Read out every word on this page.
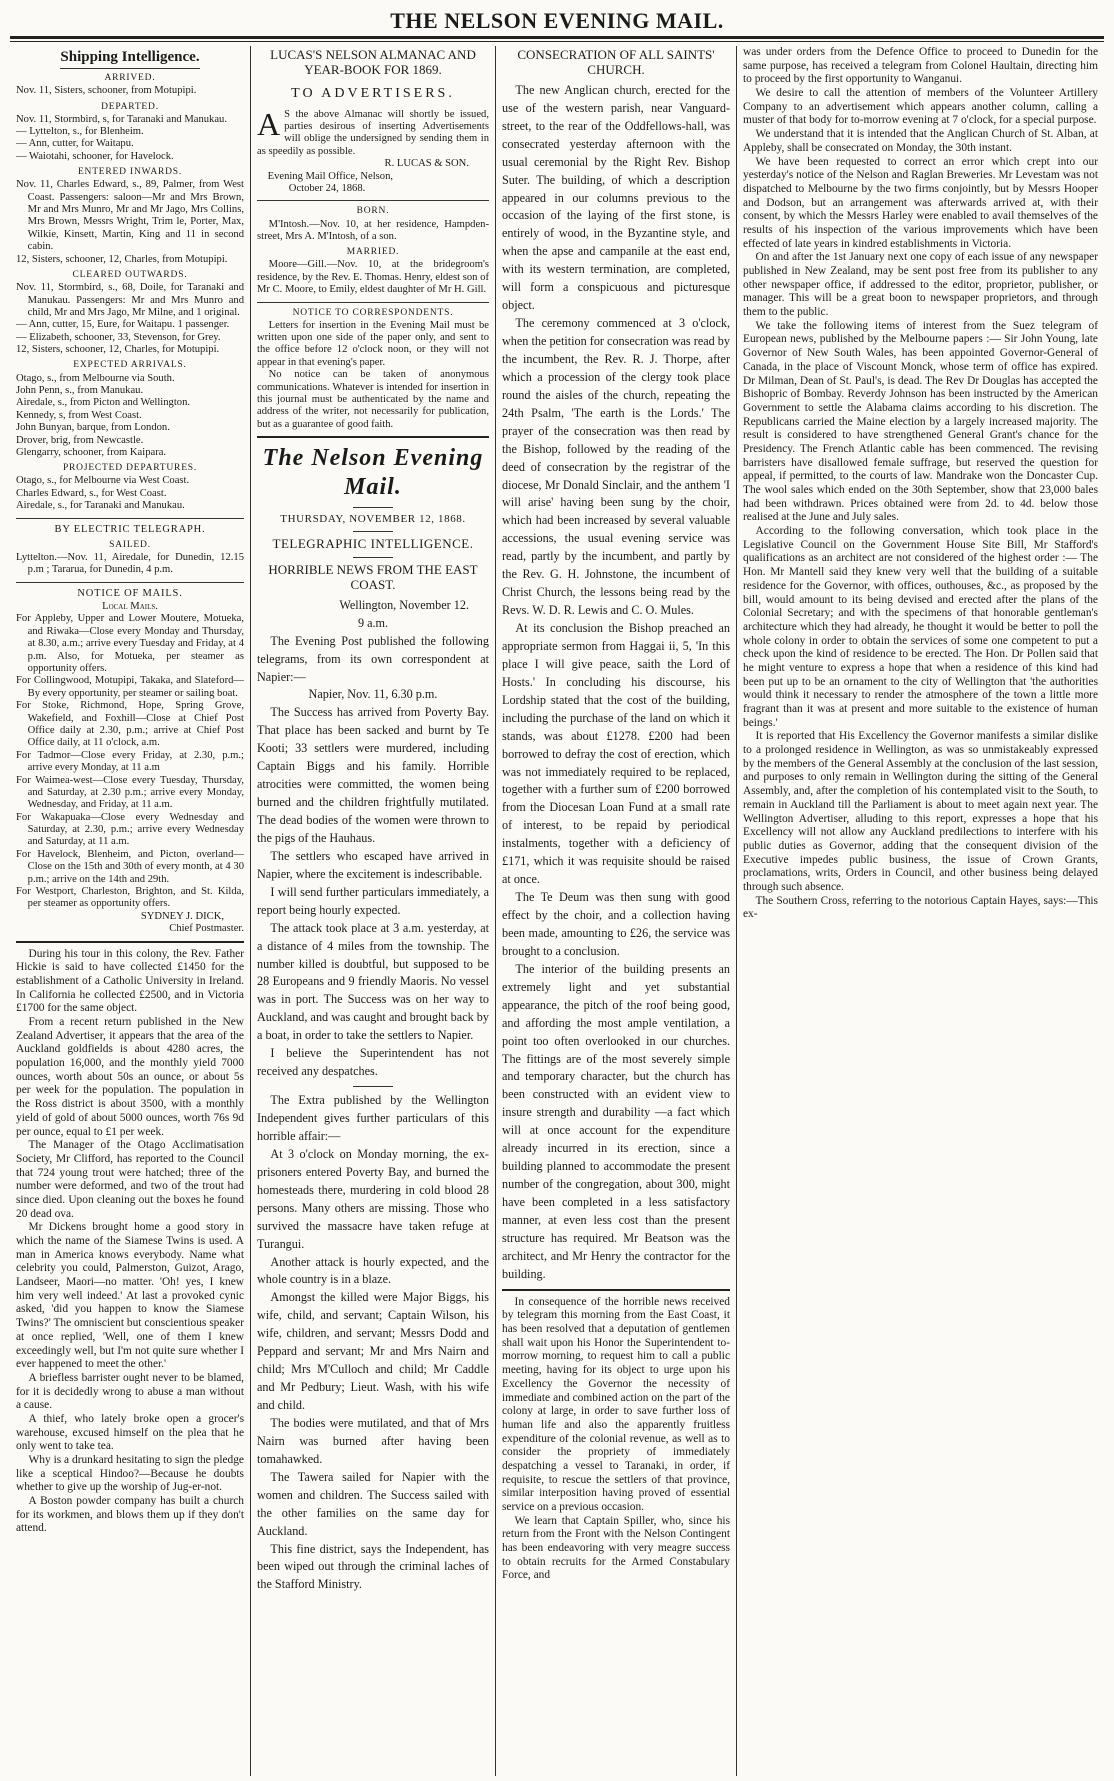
THE NELSON EVENING MAIL.
Shipping Intelligence.
ARRIVED.
Nov. 11, Sisters, schooner, from Motupipi.
DEPARTED.
Nov. 11, Stormbird, s, for Taranaki and Manukau.
— Lyttelton, s., for Blenheim.
— Ann, cutter, for Waitapu.
— Waiotahi, schooner, for Havelock.
ENTERED INWARDS.
Nov. 11, Charles Edward, s., 89, Palmer, from West Coast. Passengers: saloon—Mr and Mrs Brown, Mr and Mrs Munro, Mr and Mr Jago, Mrs Collins, Mrs Brown, Messrs Wright, Trim le, Porter, Max, Wilkie, Kinsett, Martin, King and 11 in second cabin.
12, Sisters, schooner, 12, Charles, from Motupipi.
CLEARED OUTWARDS.
Nov. 11, Stormbird, s., 68, Doile, for Taranaki and Manukau. Passengers: Mr and Mrs Munro and child, Mr and Mrs Jago, Mr Milne, and 1 original.
— Ann, cutter, 15, Eure, for Waitapu. 1 passenger.
— Elizabeth, schooner, 33, Stevenson, for Grey.
12, Sisters, schooner, 12, Charles, for Motupipi.
EXPECTED ARRIVALS.
Otago, s., from Melbourne via South.
John Penn, s., from Manukau.
Airedale, s., from Picton and Wellington.
Kennedy, s, from West Coast.
John Bunyan, barque, from London.
Drover, brig, from Newcastle.
Glengarry, schooner, from Kaipara.
PROJECTED DEPARTURES.
Otago, s., for Melbourne via West Coast.
Charles Edward, s., for West Coast.
Airedale, s., for Taranaki and Manukau.
BY ELECTRIC TELEGRAPH.
SAILED.
Lyttelton.—Nov. 11, Airedale, for Dunedin, 12.15 p.m ; Tararua, for Dunedin, 4 p.m.
NOTICE OF MAILS.
Local Mails.
For Appleby, Upper and Lower Moutere, Motueka, and Riwaka—Close every Monday and Thursday, at 8.30, a.m.; arrive every Tuesday and Friday, at 4 p.m. Also, for Motueka, per steamer as opportunity offers.
For Collingwood, Motupipi, Takaka, and Slateford—By every opportunity, per steamer or sailing boat.
For Stoke, Richmond, Hope, Spring Grove, Wakefield, and Foxhill—Close at Chief Post Office daily at 2.30, p.m.; arrive at Chief Post Office daily, at 11 o'clock, a.m.
For Tadmor—Close every Friday, at 2.30, p.m.; arrive every Monday, at 11 a.m
For Waimea-west—Close every Tuesday, Thursday, and Saturday, at 2.30 p.m.; arrive every Monday, Wednesday, and Friday, at 11 a.m.
For Wakapuaka—Close every Wednesday and Saturday, at 2.30, p.m.; arrive every Wednesday and Saturday, at 11 a.m.
For Havelock, Blenheim, and Picton, overland—Close on the 15th and 30th of every month, at 4 30 p.m.; arrive on the 14th and 29th.
For Westport, Charleston, Brighton, and St. Kilda, per steamer as opportunity offers.
SYDNEY J. DICK,
Chief Postmaster.

During his tour in this colony, the Rev. Father Hickie is said to have collected £1450 for the establishment of a Catholic University in Ireland. In California he collected £2500, and in Victoria £1700 for the same object.

From a recent return published in the New Zealand Advertiser, it appears that the area of the Auckland goldfields is about 4280 acres, the population 16,000, and the monthly yield 7000 ounces, worth about 50s an ounce, or about 5s per week for the population. The population in the Ross district is about 3500, with a monthly yield of gold of about 5000 ounces, worth 76s 9d per ounce, equal to £1 per week.

The Manager of the Otago Acclimatisation Society, Mr Clifford, has reported to the Council that 724 young trout were hatched; three of the number were deformed, and two of the trout had since died. Upon cleaning out the boxes he found 20 dead ova.

Mr Dickens brought home a good story in which the name of the Siamese Twins is used. A man in America knows everybody. Name what celebrity you could, Palmerston, Guizot, Arago, Landseer, Maori—no matter. 'Oh! yes, I knew him very well indeed.' At last a provoked cynic asked, 'did you happen to know the Siamese Twins?' The omniscient but conscientious speaker at once replied, 'Well, one of them I knew exceedingly well, but I'm not quite sure whether I ever happened to meet the other.'

A briefless barrister ought never to be blamed, for it is decidedly wrong to abuse a man without a cause.

A thief, who lately broke open a grocer's warehouse, excused himself on the plea that he only went to take tea.

Why is a drunkard hesitating to sign the pledge like a sceptical Hindoo?—Because he doubts whether to give up the worship of Jug-er-not.

A Boston powder company has built a church for its workmen, and blows them up if they don't attend.

LUCAS'S NELSON ALMANAC AND YEAR-BOOK FOR 1869.
TO ADVERTISERS.

A S the above Almanac will shortly be issued, parties desirous of inserting Advertisements will oblige the undersigned by sending them in as speedily as possible.

R. LUCAS & SON.
Evening Mail Office, Nelson,
October 24, 1868.
BORN.

M'Intosh.—Nov. 10, at her residence, Hampden-street, Mrs A. M'Intosh, of a son.

MARRIED.

Moore—Gill.—Nov. 10, at the bridegroom's residence, by the Rev. E. Thomas. Henry, eldest son of Mr C. Moore, to Emily, eldest daughter of Mr H. Gill.

NOTICE TO CORRESPONDENTS.

Letters for insertion in the Evening Mail must be written upon one side of the paper only, and sent to the office before 12 o'clock noon, or they will not appear in that evening's paper.

No notice can be taken of anonymous communications. Whatever is intended for insertion in this journal must be authenticated by the name and address of the writer, not necessarily for publication, but as a guarantee of good faith.

The Nelson Evening Mail.
THURSDAY, NOVEMBER 12, 1868.
TELEGRAPHIC INTELLIGENCE.
HORRIBLE NEWS FROM THE EAST COAST.
Wellington, November 12.
9 a.m.

The Evening Post published the following telegrams, from its own correspondent at Napier:—

Napier, Nov. 11, 6.30 p.m.

The Success has arrived from Poverty Bay. That place has been sacked and burnt by Te Kooti; 33 settlers were murdered, including Captain Biggs and his family. Horrible atrocities were committed, the women being burned and the children frightfully mutilated. The dead bodies of the women were thrown to the pigs of the Hauhaus.

The settlers who escaped have arrived in Napier, where the excitement is indescribable.

I will send further particulars immediately, a report being hourly expected.

The attack took place at 3 a.m. yesterday, at a distance of 4 miles from the township. The number killed is doubtful, but supposed to be 28 Europeans and 9 friendly Maoris. No vessel was in port. The Success was on her way to Auckland, and was caught and brought back by a boat, in order to take the settlers to Napier.

I believe the Superintendent has not received any despatches.

The Extra published by the Wellington Independent gives further particulars of this horrible affair:—

At 3 o'clock on Monday morning, the ex-prisoners entered Poverty Bay, and burned the homesteads there, murdering in cold blood 28 persons. Many others are missing. Those who survived the massacre have taken refuge at Turangui.

Another attack is hourly expected, and the whole country is in a blaze.

Amongst the killed were Major Biggs, his wife, child, and servant; Captain Wilson, his wife, children, and servant; Messrs Dodd and Peppard and servant; Mr and Mrs Nairn and child; Mrs M'Culloch and child; Mr Caddle and Mr Pedbury; Lieut. Wash, with his wife and child.

The bodies were mutilated, and that of Mrs Nairn was burned after having been tomahawked.

The Tawera sailed for Napier with the women and children. The Success sailed with the other families on the same day for Auckland.

This fine district, says the Independent, has been wiped out through the criminal laches of the Stafford Ministry.

CONSECRATION OF ALL SAINTS' CHURCH.

The new Anglican church, erected for the use of the western parish, near Vanguard-street, to the rear of the Oddfellows-hall, was consecrated yesterday afternoon with the usual ceremonial by the Right Rev. Bishop Suter. The building, of which a description appeared in our columns previous to the occasion of the laying of the first stone, is entirely of wood, in the Byzantine style, and when the apse and campanile at the east end, with its western termination, are completed, will form a conspicuous and picturesque object.

The ceremony commenced at 3 o'clock, when the petition for consecration was read by the incumbent, the Rev. R. J. Thorpe, after which a procession of the clergy took place round the aisles of the church, repeating the 24th Psalm, 'The earth is the Lords.' The prayer of the consecration was then read by the Bishop, followed by the reading of the deed of consecration by the registrar of the diocese, Mr Donald Sinclair, and the anthem 'I will arise' having been sung by the choir, which had been increased by several valuable accessions, the usual evening service was read, partly by the incumbent, and partly by the Rev. G. H. Johnstone, the incumbent of Christ Church, the lessons being read by the Revs. W. D. R. Lewis and C. O. Mules.

At its conclusion the Bishop preached an appropriate sermon from Haggai ii, 5, 'In this place I will give peace, saith the Lord of Hosts.' In concluding his discourse, his Lordship stated that the cost of the building, including the purchase of the land on which it stands, was about £1278. £200 had been borrowed to defray the cost of erection, which was not immediately required to be replaced, together with a further sum of £200 borrowed from the Diocesan Loan Fund at a small rate of interest, to be repaid by periodical instalments, together with a deficiency of £171, which it was requisite should be raised at once.

The Te Deum was then sung with good effect by the choir, and a collection having been made, amounting to £26, the service was brought to a conclusion.

The interior of the building presents an extremely light and yet substantial appearance, the pitch of the roof being good, and affording the most ample ventilation, a point too often overlooked in our churches. The fittings are of the most severely simple and temporary character, but the church has been constructed with an evident view to insure strength and durability —a fact which will at once account for the expenditure already incurred in its erection, since a building planned to accommodate the present number of the congregation, about 300, might have been completed in a less satisfactory manner, at even less cost than the present structure has required. Mr Beatson was the architect, and Mr Henry the contractor for the building.

In consequence of the horrible news received by telegram this morning from the East Coast, it has been resolved that a deputation of gentlemen shall wait upon his Honor the Superintendent to-morrow morning, to request him to call a public meeting, having for its object to urge upon his Excellency the Governor the necessity of immediate and combined action on the part of the colony at large, in order to save further loss of human life and also the apparently fruitless expenditure of the colonial revenue, as well as to consider the propriety of immediately despatching a vessel to Taranaki, in order, if requisite, to rescue the settlers of that province, similar interposition having proved of essential service on a previous occasion.

We learn that Captain Spiller, who, since his return from the Front with the Nelson Contingent has been endeavoring with very meagre success to obtain recruits for the Armed Constabulary Force, and

was under orders from the Defence Office to proceed to Dunedin for the same purpose, has received a telegram from Colonel Haultain, directing him to proceed by the first opportunity to Wanganui.

We desire to call the attention of members of the Volunteer Artillery Company to an advertisement which appears another column, calling a muster of that body for to-morrow evening at 7 o'clock, for a special purpose.

We understand that it is intended that the Anglican Church of St. Alban, at Appleby, shall be consecrated on Monday, the 30th instant.

We have been requested to correct an error which crept into our yesterday's notice of the Nelson and Raglan Breweries. Mr Levestam was not dispatched to Melbourne by the two firms conjointly, but by Messrs Hooper and Dodson, but an arrangement was afterwards arrived at, with their consent, by which the Messrs Harley were enabled to avail themselves of the results of his inspection of the various improvements which have been effected of late years in kindred establishments in Victoria.

On and after the 1st January next one copy of each issue of any newspaper published in New Zealand, may be sent post free from its publisher to any other newspaper office, if addressed to the editor, proprietor, publisher, or manager. This will be a great boon to newspaper proprietors, and through them to the public.

We take the following items of interest from the Suez telegram of European news, published by the Melbourne papers :— Sir John Young, late Governor of New South Wales, has been appointed Governor-General of Canada, in the place of Viscount Monck, whose term of office has expired. Dr Milman, Dean of St. Paul's, is dead. The Rev Dr Douglas has accepted the Bishopric of Bombay. Reverdy Johnson has been instructed by the American Government to settle the Alabama claims according to his discretion. The Republicans carried the Maine election by a largely increased majority. The result is considered to have strengthened General Grant's chance for the Presidency. The French Atlantic cable has been commenced. The revising barristers have disallowed female suffrage, but reserved the question for appeal, if permitted, to the courts of law. Mandrake won the Doncaster Cup. The wool sales which ended on the 30th September, show that 23,000 bales had been withdrawn. Prices obtained were from 2d. to 4d. below those realised at the June and July sales.

According to the following conversation, which took place in the Legislative Council on the Government House Site Bill, Mr Stafford's qualifications as an architect are not considered of the highest order :— The Hon. Mr Mantell said they knew very well that the building of a suitable residence for the Governor, with offices, outhouses, &c., as proposed by the bill, would amount to its being devised and erected after the plans of the Colonial Secretary; and with the specimens of that honorable gentleman's architecture which they had already, he thought it would be better to poll the whole colony in order to obtain the services of some one competent to put a check upon the kind of residence to be erected. The Hon. Dr Pollen said that he might venture to express a hope that when a residence of this kind had been put up to be an ornament to the city of Wellington that 'the authorities would think it necessary to render the atmosphere of the town a little more fragrant than it was at present and more suitable to the existence of human beings.'

It is reported that His Excellency the Governor manifests a similar dislike to a prolonged residence in Wellington, as was so unmistakeably expressed by the members of the General Assembly at the conclusion of the last session, and purposes to only remain in Wellington during the sitting of the General Assembly, and, after the completion of his contemplated visit to the South, to remain in Auckland till the Parliament is about to meet again next year. The Wellington Advertiser, alluding to this report, expresses a hope that his Excellency will not allow any Auckland predilections to interfere with his public duties as Governor, adding that the consequent division of the Executive impedes public business, the issue of Crown Grants, proclamations, writs, Orders in Council, and other business being delayed through such absence.

The Southern Cross, referring to the notorious Captain Hayes, says:—This ex-
